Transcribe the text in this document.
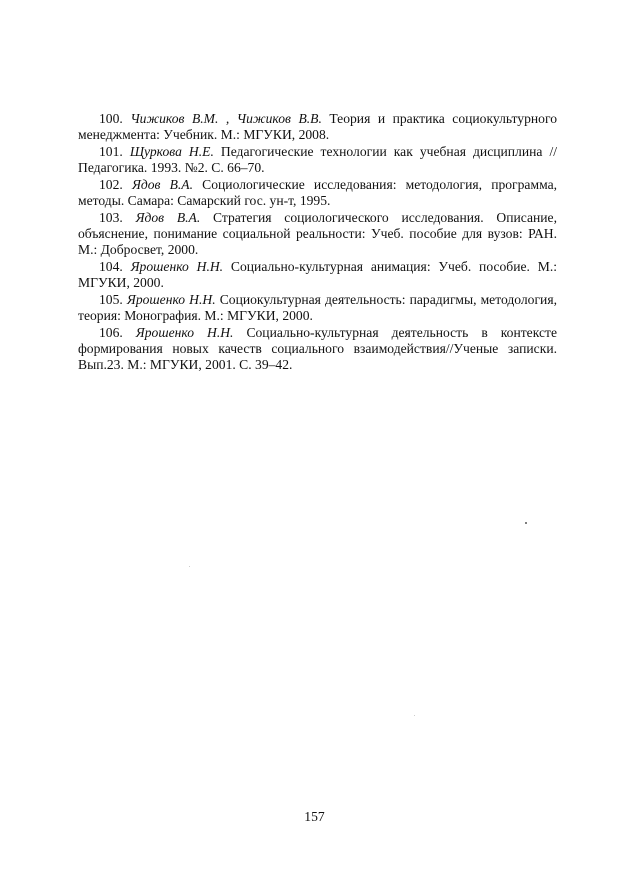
100. Чижиков В.М. , Чижиков В.В. Теория и практика социокультурного менеджмента: Учебник. М.: МГУКИ, 2008.

101. Щуркова Н.Е. Педагогические технологии как учебная дисциплина // Педагогика. 1993. №2. С. 66–70.

102. Ядов В.А. Социологические исследования: методология, программа, методы. Самара: Самарский гос. ун-т, 1995.

103. Ядов В.А. Стратегия социологического исследования. Описание, объяснение, понимание социальной реальности: Учеб. пособие для вузов: РАН. М.: Добросвет, 2000.

104. Ярошенко Н.Н. Социально-культурная анимация: Учеб. пособие. М.: МГУКИ, 2000.

105. Ярошенко Н.Н. Социокультурная деятельность: парадигмы, методология, теория: Монография. М.: МГУКИ, 2000.

106. Ярошенко Н.Н. Социально-культурная деятельность в контексте формирования новых качеств социального взаимодействия//Ученые записки. Вып.23. М.: МГУКИ, 2001. С. 39–42.

157
